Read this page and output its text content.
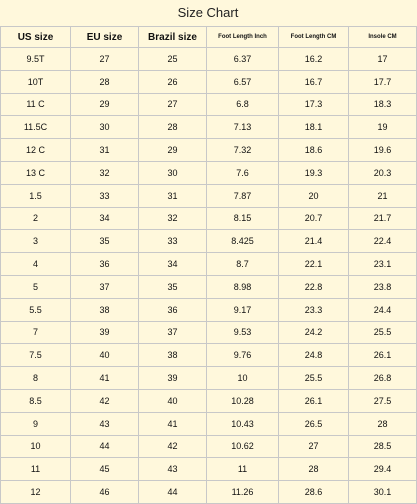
Size Chart
US size	EU size	Brazil size	Foot Length Inch	Foot Length CM	Insole CM
9.5T	27	25	6.37	16.2	17
10T	28	26	6.57	16.7	17.7
11 C	29	27	6.8	17.3	18.3
11.5C	30	28	7.13	18.1	19
12 C	31	29	7.32	18.6	19.6
13 C	32	30	7.6	19.3	20.3
1.5	33	31	7.87	20	21
2	34	32	8.15	20.7	21.7
3	35	33	8.425	21.4	22.4
4	36	34	8.7	22.1	23.1
5	37	35	8.98	22.8	23.8
5.5	38	36	9.17	23.3	24.4
7	39	37	9.53	24.2	25.5
7.5	40	38	9.76	24.8	26.1
8	41	39	10	25.5	26.8
8.5	42	40	10.28	26.1	27.5
9	43	41	10.43	26.5	28
10	44	42	10.62	27	28.5
11	45	43	11	28	29.4
12	46	44	11.26	28.6	30.1
